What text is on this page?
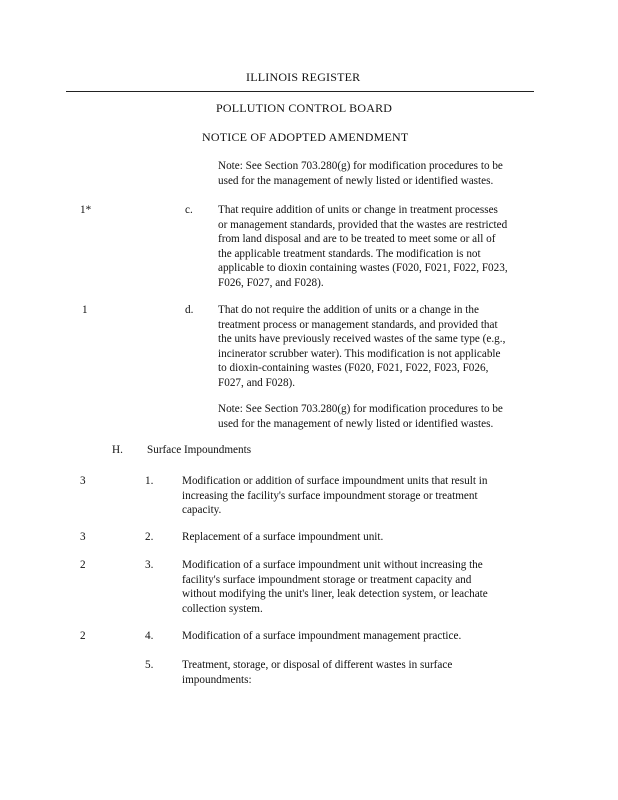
ILLINOIS REGISTER
POLLUTION CONTROL BOARD
NOTICE OF ADOPTED AMENDMENT
Note: See Section 703.280(g) for modification procedures to be
used for the management of newly listed or identified wastes.
1*	c. That require addition of units or change in treatment processes
or management standards, provided that the wastes are restricted
from land disposal and are to be treated to meet some or all of
the applicable treatment standards. The modification is not
applicable to dioxin containing wastes (F020, F021, F022, F023,
F026, F027, and F028).
1	d. That do not require the addition of units or a change in the
treatment process or management standards, and provided that
the units have previously received wastes of the same type (e.g.,
incinerator scrubber water). This modification is not applicable
to dioxin-containing wastes (F020, F021, F022, F023, F026,
F027, and F028).
Note: See Section 703.280(g) for modification procedures to be
used for the management of newly listed or identified wastes.
H. Surface Impoundments
3	1.	Modification or addition of surface impoundment units that result in
increasing the facility's surface impoundment storage or treatment
capacity.
3	2.	Replacement of a surface impoundment unit.
2	3.	Modification of a surface impoundment unit without increasing the
facility's surface impoundment storage or treatment capacity and
without modifying the unit's liner, leak detection system, or leachate
collection system.
2	4.	Modification of a surface impoundment management practice.
5.	Treatment, storage, or disposal of different wastes in surface
impoundments:
